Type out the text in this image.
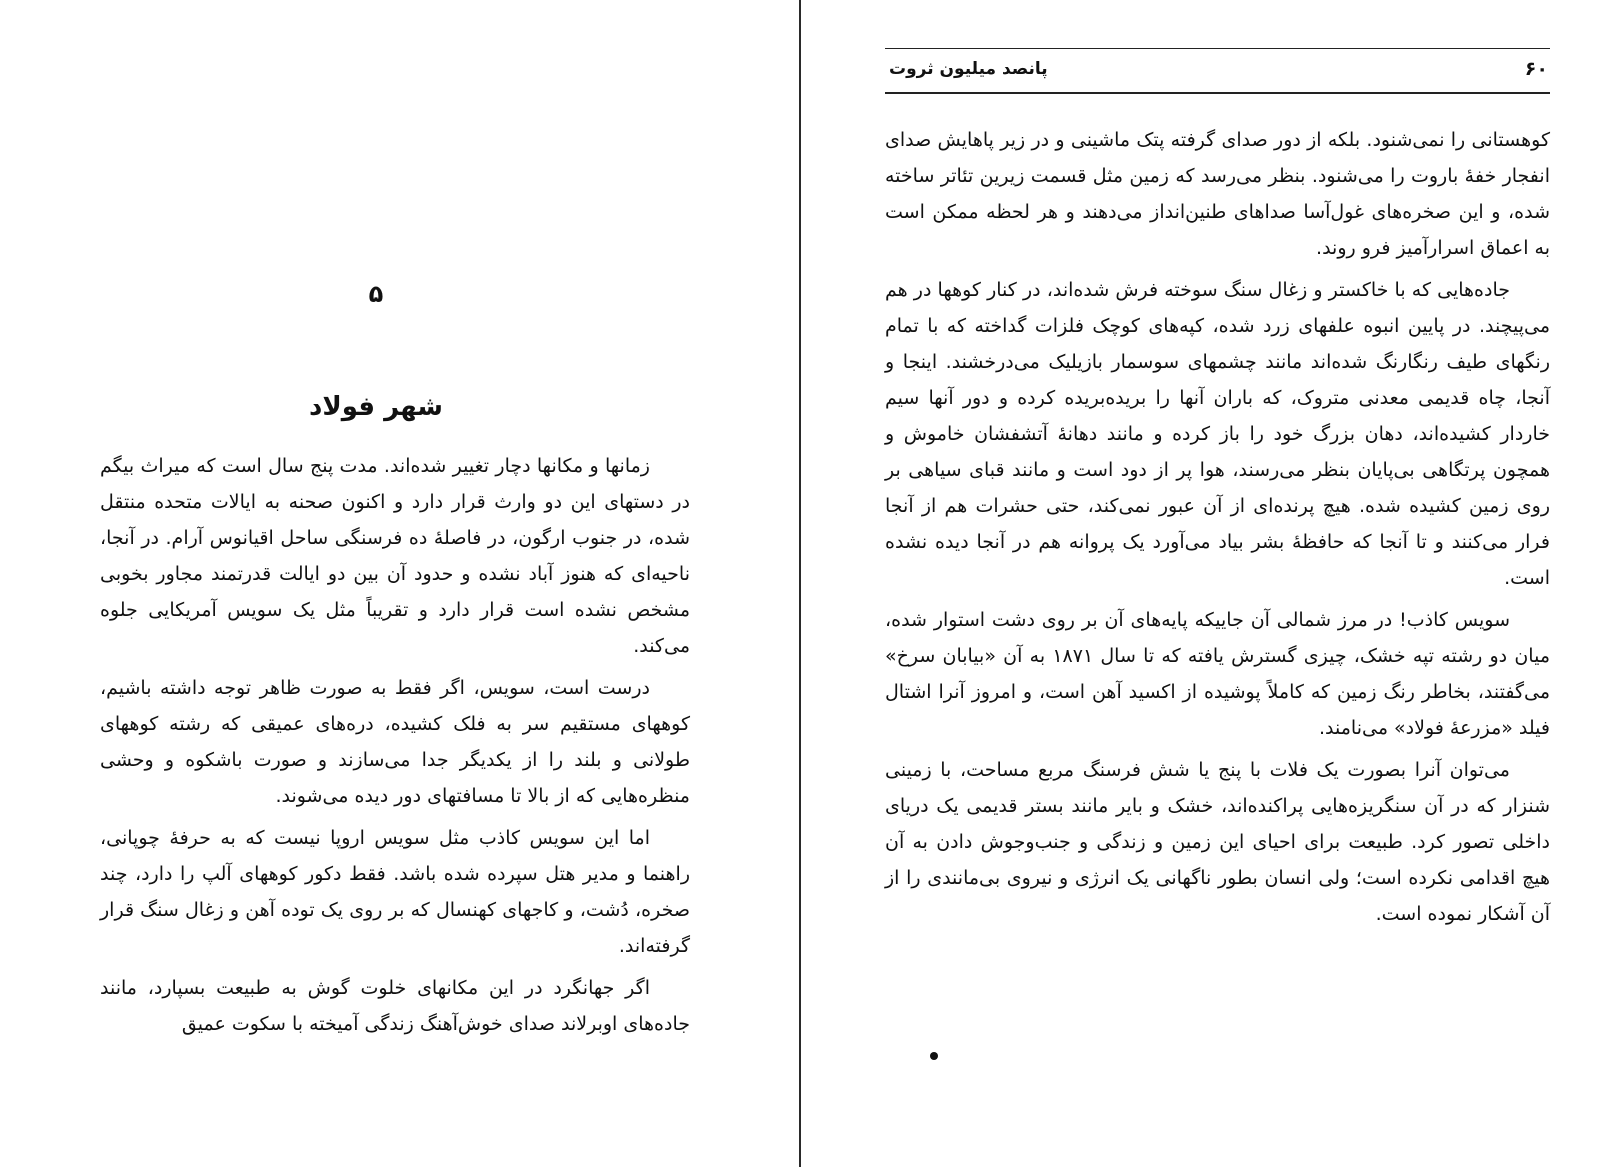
۵
شهر فولاد

زمانها و مکانها دچار تغییر شده‌اند. مدت پنج سال است که میراث بیگم در دستهای این دو وارث قرار دارد و اکنون صحنه به ایالات متحده منتقل شده، در جنوب ارگون، در فاصلهٔ ده فرسنگی ساحل اقیانوس آرام. در آنجا، ناحیه‌ای که هنوز آباد نشده و حدود آن بین دو ایالت قدرتمند مجاور بخوبی مشخص نشده است قرار دارد و تقریباً مثل یک سویس آمریکایی جلوه می‌کند.

درست است، سویس، اگر فقط به صورت ظاهر توجه داشته باشیم، کوههای مستقیم سر به فلک کشیده، دره‌های عمیقی که رشته کوههای طولانی و بلند را از یکدیگر جدا می‌سازند و صورت باشکوه و وحشی منظره‌هایی که از بالا تا مسافتهای دور دیده می‌شوند.

اما این سویس کاذب مثل سویس اروپا نیست که به حرفهٔ چوپانی، راهنما و مدیر هتل سپرده شده باشد. فقط دکور کوههای آلپ را دارد، چند صخره، دُشت، و کاجهای کهنسال که بر روی یک توده آهن و زغال سنگ قرار گرفته‌اند.

اگر جهانگرد در این مکانهای خلوت گوش به طبیعت بسپارد، مانند جاده‌های اوبرلاند صدای خوش‌آهنگ زندگی آمیخته با سکوت عمیق

۶۰
پانصد میلیون ثروت

کوهستانی را نمی‌شنود. بلکه از دور صدای گرفته پتک ماشینی و در زیر پاهایش صدای انفجار خفهٔ باروت را می‌شنود. بنظر می‌رسد که زمین مثل قسمت زیرین تئاتر ساخته شده، و این صخره‌های غول‌آسا صداهای طنین‌انداز می‌دهند و هر لحظه ممکن است به اعماق اسرارآمیز فرو روند.

جاده‌هایی که با خاکستر و زغال سنگ سوخته فرش شده‌اند، در کنار کوهها در هم می‌پیچند. در پایین انبوه علفهای زرد شده، کپه‌های کوچک فلزات گداخته که با تمام رنگهای طیف رنگارنگ شده‌اند مانند چشمهای سوسمار بازیلیک می‌درخشند. اینجا و آنجا، چاه قدیمی معدنی متروک، که باران آنها را بریده‌بریده کرده و دور آنها سیم خاردار کشیده‌اند، دهان بزرگ خود را باز کرده و مانند دهانهٔ آتشفشان خاموش و همچون پرتگاهی بی‌پایان بنظر می‌رسند، هوا پر از دود است و مانند قبای سیاهی بر روی زمین کشیده شده. هیچ پرنده‌ای از آن عبور نمی‌کند، حتی حشرات هم از آنجا فرار می‌کنند و تا آنجا که حافظهٔ بشر بیاد می‌آورد یک پروانه هم در آنجا دیده نشده است.

سویس کاذب! در مرز شمالی آن جاییکه پایه‌های آن بر روی دشت استوار شده، میان دو رشته تپه خشک، چیزی گسترش یافته که تا سال ۱۸۷۱ به آن «بیابان سرخ» می‌گفتند، بخاطر رنگ زمین که کاملاً پوشیده از اکسید آهن است، و امروز آنرا اشتال فیلد «مزرعهٔ فولاد» می‌نامند.

می‌توان آنرا بصورت یک فلات با پنج یا شش فرسنگ مربع مساحت، با زمینی شنزار که در آن سنگریزه‌هایی پراکنده‌اند، خشک و بایر مانند بستر قدیمی یک دریای داخلی تصور کرد. طبیعت برای احیای این زمین و زندگی و جنب‌وجوش دادن به آن هیچ اقدامی نکرده است؛ ولی انسان بطور ناگهانی یک انرژی و نیروی بی‌مانندی را از آن آشکار نموده است.
